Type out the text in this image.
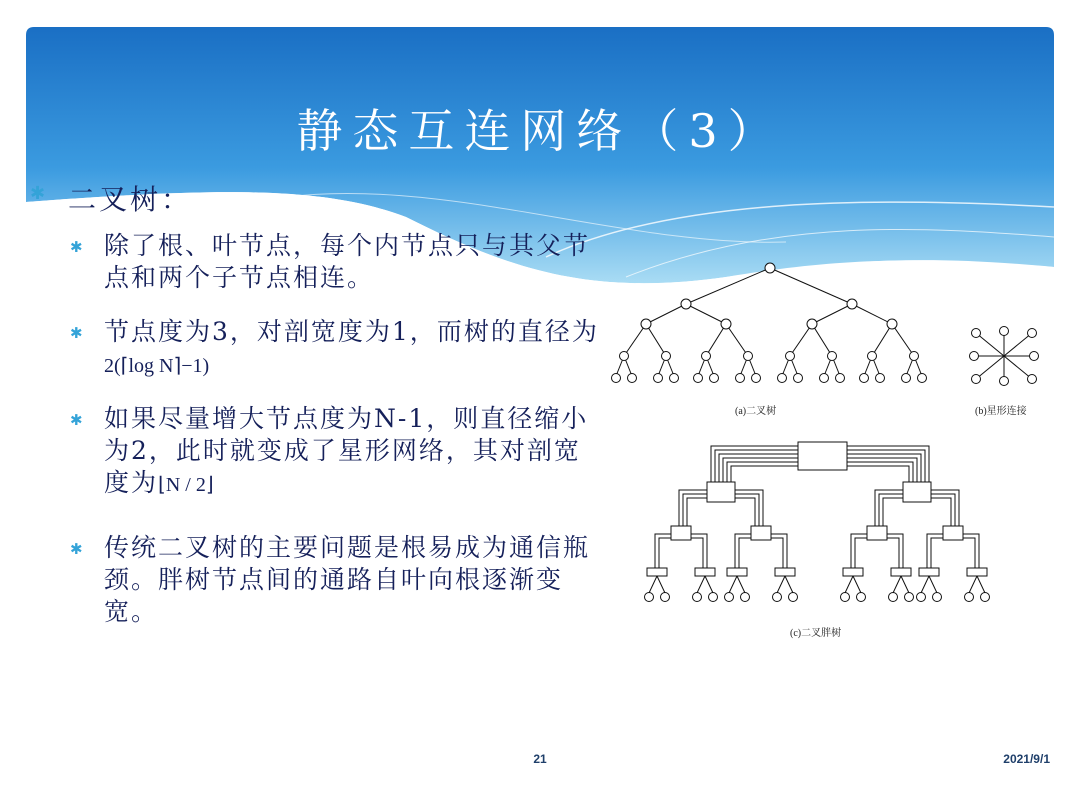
静态互连网络（3）
✱ 二叉树：
✱ 除了根、叶节点，每个内节点只与其父节点和两个子节点相连。
✱ 节点度为3，对剖宽度为1，而树的直径为2(⌈log N⌉−1)
✱ 如果尽量增大节点度为N-1，则直径缩小为2，此时就变成了星形网络，其对剖宽度为⌊N / 2⌋
✱ 传统二叉树的主要问题是根易成为通信瓶颈。胖树节点间的通路自叶向根逐渐变宽。
(a)二叉树	(b)星形连接
(c)二叉胖树
21	2021/9/1
